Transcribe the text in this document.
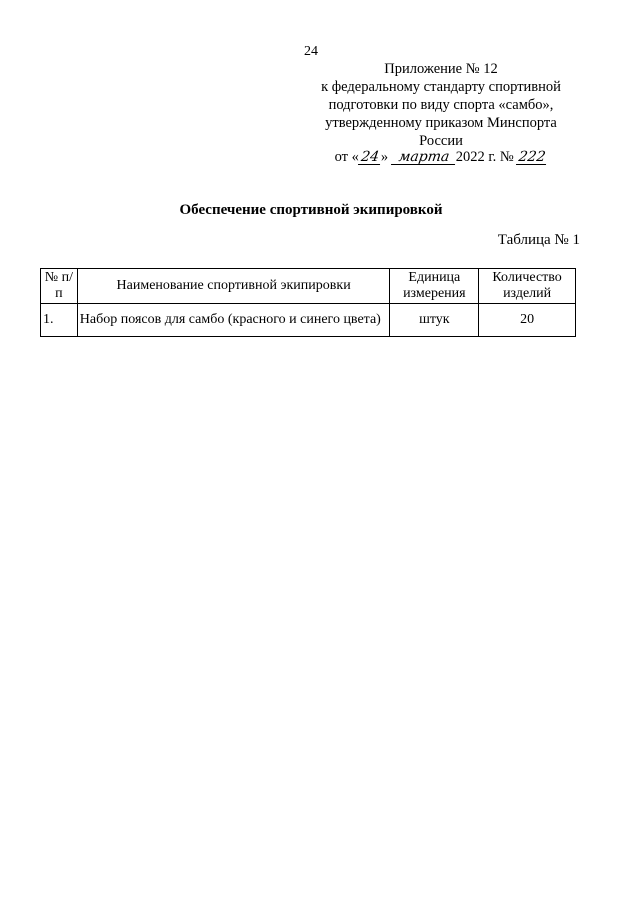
24
Приложение № 12
к федеральному стандарту спортивной
подготовки по виду спорта «самбо»,
утвержденному приказом Минспорта
России
от «24» марта 2022 г. № 222
Обеспечение спортивной экипировкой
Таблица № 1
№ п/п	Наименование спортивной экипировки	Единица измерения	Количество изделий
1.	Набор поясов для самбо (красного и синего цвета)	штук	20
